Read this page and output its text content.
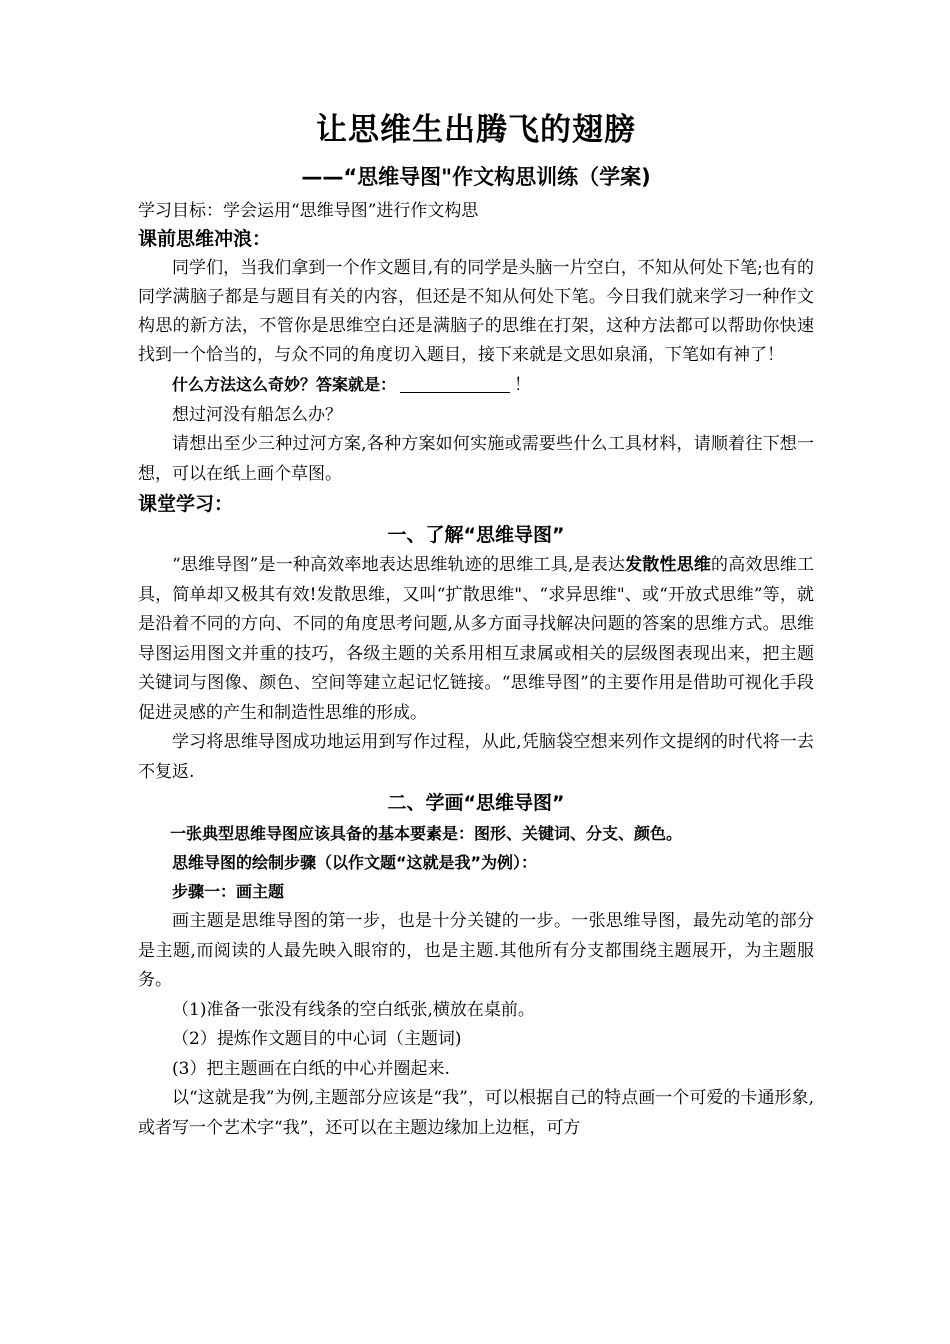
让思维生出腾飞的翅膀
——“思维导图"作文构思训练（学案)

学习目标：学会运用“思维导图”进行作文构思

课前思维冲浪：

同学们，当我们拿到一个作文题目,有的同学是头脑一片空白，不知从何处下笔;也有的同学满脑子都是与题目有关的内容，但还是不知从何处下笔。今日我们就来学习一种作文构思的新方法，不管你是思维空白还是满脑子的思维在打架，这种方法都可以帮助你快速找到一个恰当的，与众不同的角度切入题目，接下来就是文思如泉涌，下笔如有神了！

什么方法这么奇妙？答案就是：	！

想过河没有船怎么办？

请想出至少三种过河方案,各种方案如何实施或需要些什么工具材料，请顺着往下想一想，可以在纸上画个草图。

课堂学习：
一、了解“思维导图”

“思维导图”是一种高效率地表达思维轨迹的思维工具,是表达发散性思维的高效思维工具，简单却又极其有效!发散思维，又叫“扩散思维"、“求异思维"、或“开放式思维”等，就是沿着不同的方向、不同的角度思考问题,从多方面寻找解决问题的答案的思维方式。思维导图运用图文并重的技巧，各级主题的关系用相互隶属或相关的层级图表现出来，把主题关键词与图像、颜色、空间等建立起记忆链接。“思维导图”的主要作用是借助可视化手段促进灵感的产生和制造性思维的形成。

学习将思维导图成功地运用到写作过程，从此,凭脑袋空想来列作文提纲的时代将一去不复返.

二、学画“思维导图”

一张典型思维导图应该具备的基本要素是：图形、关键词、分支、颜色。

思维导图的绘制步骤（以作文题“这就是我”为例）：

步骤一：画主题

画主题是思维导图的第一步，也是十分关键的一步。一张思维导图，最先动笔的部分是主题,而阅读的人最先映入眼帘的，也是主题.其他所有分支都围绕主题展开，为主题服务。

（1)准备一张没有线条的空白纸张,横放在桌前。

（2）提炼作文题目的中心词（主题词)

(3）把主题画在白纸的中心并圈起来.

以“这就是我”为例,主题部分应该是“我”，可以根据自己的特点画一个可爱的卡通形象,或者写一个艺术字“我”，还可以在主题边缘加上边框，可方
